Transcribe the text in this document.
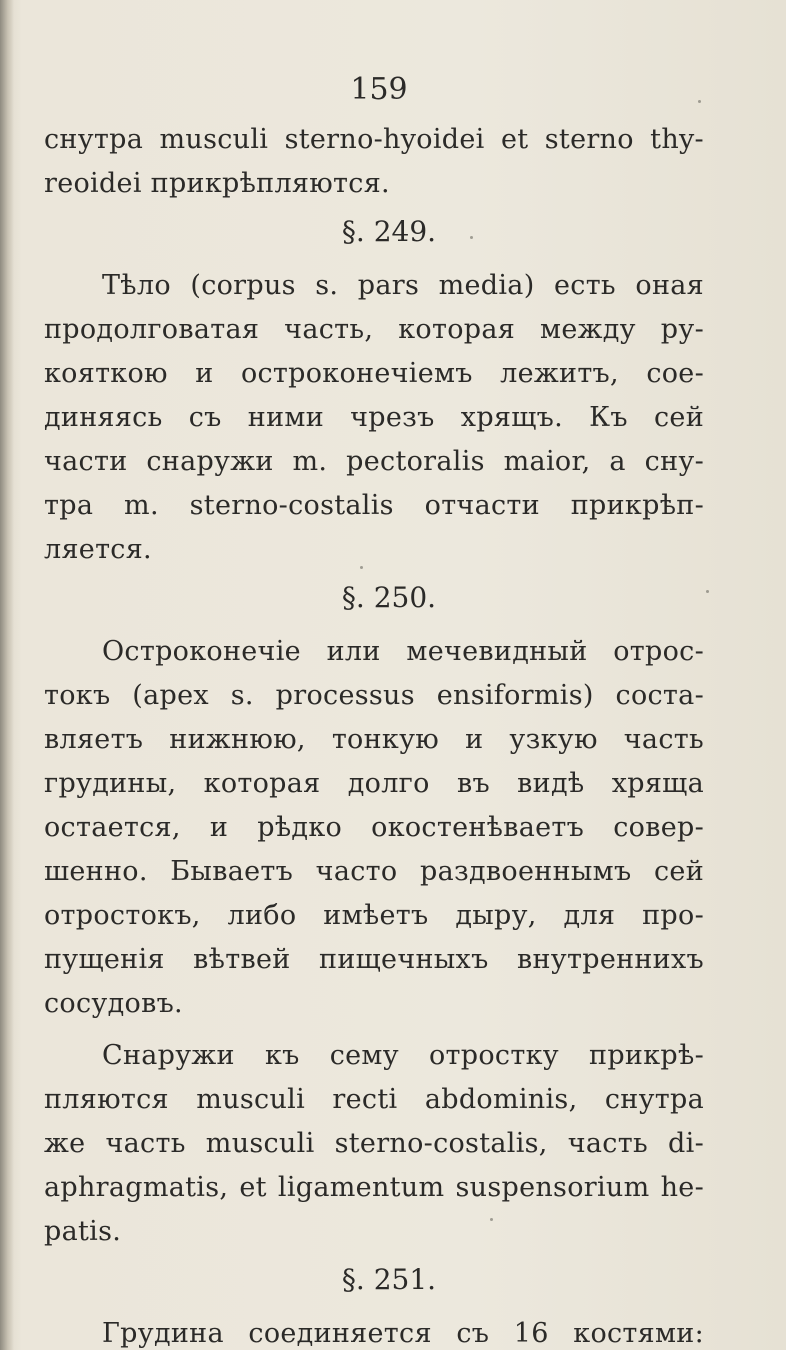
159
снутра musculi sterno-hyoidei et sterno thy-
reoidei прикрѣпляются.
§. 249.
Тѣло (corpus s. pars media) есть оная
продолговатая часть, которая между ру-
кояткою и остроконечіемъ лежитъ, сое-
диняясь съ ними чрезъ хрящъ. Къ сей
части снаружи m. pectoralis maior, а сну-
тра m. sterno-costalis отчасти прикрѣп-
ляется.
§. 250.
Остроконечіе или мечевидный отрос-
токъ (apex s. processus ensiformis) соста-
вляетъ нижнюю, тонкую и узкую часть
грудины, которая долго въ видѣ хряща
остается, и рѣдко окостенѣваетъ совер-
шенно. Бываетъ часто раздвоеннымъ сей
отростокъ, либо имѣетъ дыру, для про-
пущенія вѣтвей пищечныхъ внутреннихъ
сосудовъ.
Снаружи къ сему отростку прикрѣ-
пляются musculi recti abdominis, снутра
же часть musculi sterno-costalis, часть di-
aphragmatis, et ligamentum suspensorium he-
patis.
§. 251.
Грудина соединяется съ 16 костями:
